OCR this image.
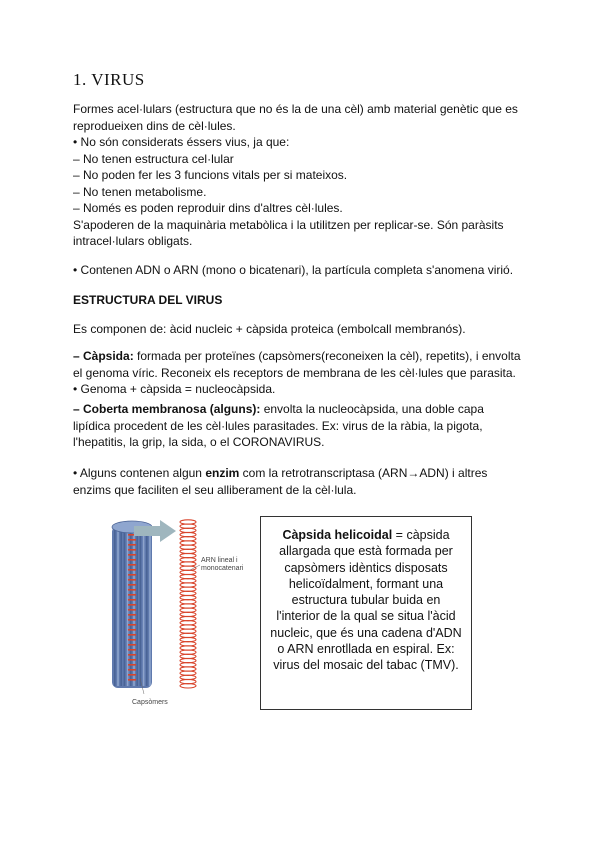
1. VIRUS

Formes acel·lulars (estructura que no és la de una cèl) amb material genètic que es

reprodueixen dins de cèl·lules.

• No són considerats éssers vius, ja que:

– No tenen estructura cel·lular

– No poden fer les 3 funcions vitals per si mateixos.

– No tenen metabolisme.

– Només es poden reproduir dins d'altres cèl·lules.

S'apoderen de la maquinària metabòlica i la utilitzen per replicar-se. Són paràsits

intracel·lulars obligats.

• Contenen ADN o ARN (mono o bicatenari), la partícula completa s'anomena virió.

ESTRUCTURA DEL VIRUS

Es componen de: àcid nucleic + càpsida proteica (embolcall membranós).

– Càpsida: formada per proteïnes (capsòmers(reconeixen la cèl), repetits), i envolta

el genoma víric. Reconeix els receptors de membrana de les cèl·lules que parasita.

• Genoma + càpsida = nucleocàpsida.

– Coberta membranosa (alguns): envolta la nucleocàpsida, una doble capa

lipídica procedent de les cèl·lules parasitades. Ex: virus de la ràbia, la pigota,

l'hepatitis, la grip, la sida, o el CORONAVIRUS.

• Alguns contenen algun enzim com la retrotranscriptasa (ARN→ADN) i altres

enzims que faciliten el seu alliberament de la cèl·lula.

ARN lineal i monocatenari
Capsòmers
Càpsida helicoidal = càpsida allargada que està formada per capsòmers idèntics disposats helicoïdalment, formant una estructura tubular buida en l'interior de la qual se situa l'àcid nucleic, que és una cadena d'ADN o ARN enrotllada en espiral. Ex: virus del mosaic del tabac (TMV).
